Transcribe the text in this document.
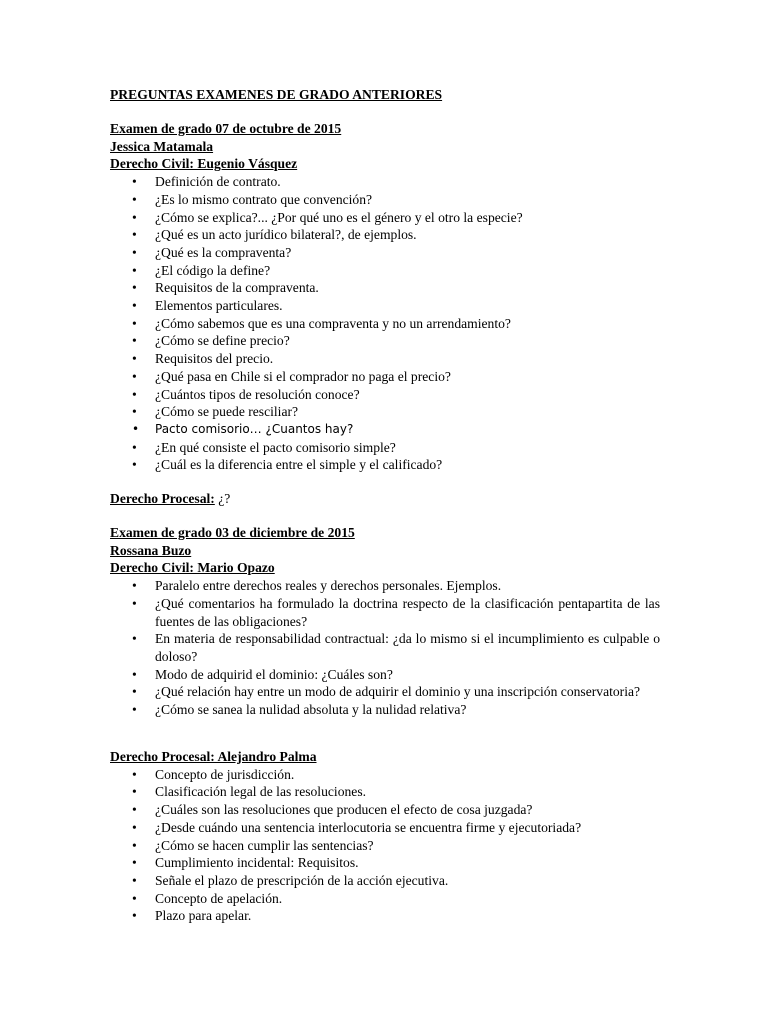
PREGUNTAS EXAMENES DE GRADO ANTERIORES
Examen de grado 07 de octubre de 2015
Jessica Matamala
Derecho Civil: Eugenio Vásquez
• Definición de contrato.
• ¿Es lo mismo contrato que convención?
• ¿Cómo se explica?... ¿Por qué uno es el género y el otro la especie?
• ¿Qué es un acto jurídico bilateral?, de ejemplos.
• ¿Qué es la compraventa?
• ¿El código la define?
• Requisitos de la compraventa.
• Elementos particulares.
• ¿Cómo sabemos que es una compraventa y no un arrendamiento?
• ¿Cómo se define precio?
• Requisitos del precio.
• ¿Qué pasa en Chile si el comprador no paga el precio?
• ¿Cuántos tipos de resolución conoce?
• ¿Cómo se puede resciliar?
• Pacto comisorio… ¿Cuantos hay?
• ¿En qué consiste el pacto comisorio simple?
• ¿Cuál es la diferencia entre el simple y el calificado?
Derecho Procesal: ¿?
Examen de grado 03 de diciembre de 2015
Rossana Buzo
Derecho Civil: Mario Opazo
• Paralelo entre derechos reales y derechos personales. Ejemplos.
• ¿Qué comentarios ha formulado la doctrina respecto de la clasificación pentapartita de las fuentes de las obligaciones?
• En materia de responsabilidad contractual: ¿da lo mismo si el incumplimiento es culpable o doloso?
• Modo de adquirid el dominio: ¿Cuáles son?
• ¿Qué relación hay entre un modo de adquirir el dominio y una inscripción conservatoria?
• ¿Cómo se sanea la nulidad absoluta y la nulidad relativa?
Derecho Procesal: Alejandro Palma
• Concepto de jurisdicción.
• Clasificación legal de las resoluciones.
• ¿Cuáles son las resoluciones que producen el efecto de cosa juzgada?
• ¿Desde cuándo una sentencia interlocutoria se encuentra firme y ejecutoriada?
• ¿Cómo se hacen cumplir las sentencias?
• Cumplimiento incidental: Requisitos.
• Señale el plazo de prescripción de la acción ejecutiva.
• Concepto de apelación.
• Plazo para apelar.
